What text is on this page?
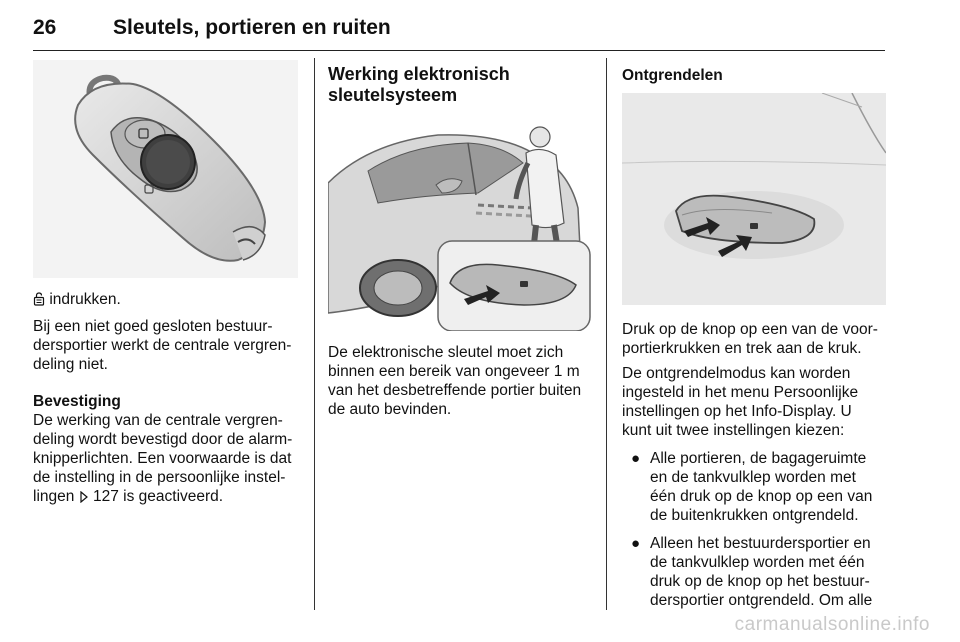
26	Sleutels, portieren en ruiten

indrukken.

Bij een niet goed gesloten bestuur-
dersportier werkt de centrale vergren-
deling niet.

Bevestiging

De werking van de centrale vergren-
deling wordt bevestigd door de alarm-
knipperlichten. Een voorwaarde is dat
de instelling in de persoonlijke instel-
lingen 127 is geactiveerd.

Werking elektronisch
sleutelsysteem

De elektronische sleutel moet zich
binnen een bereik van ongeveer 1 m
van het desbetreffende portier buiten
de auto bevinden.

Ontgrendelen

Druk op de knop op een van de voor-
portierkrukken en trek aan de kruk.

De ontgrendelmodus kan worden
ingesteld in het menu Persoonlijke
instellingen op het Info-Display. U
kunt uit twee instellingen kiezen:

● Alle portieren, de bagageruimte
en de tankvulklep worden met
één druk op de knop op een van
de buitenkrukken ontgrendeld.
● Alleen het bestuurdersportier en
de tankvulklep worden met één
druk op de knop op het bestuur-
dersportier ontgrendeld. Om alle
carmanualsonline.info
